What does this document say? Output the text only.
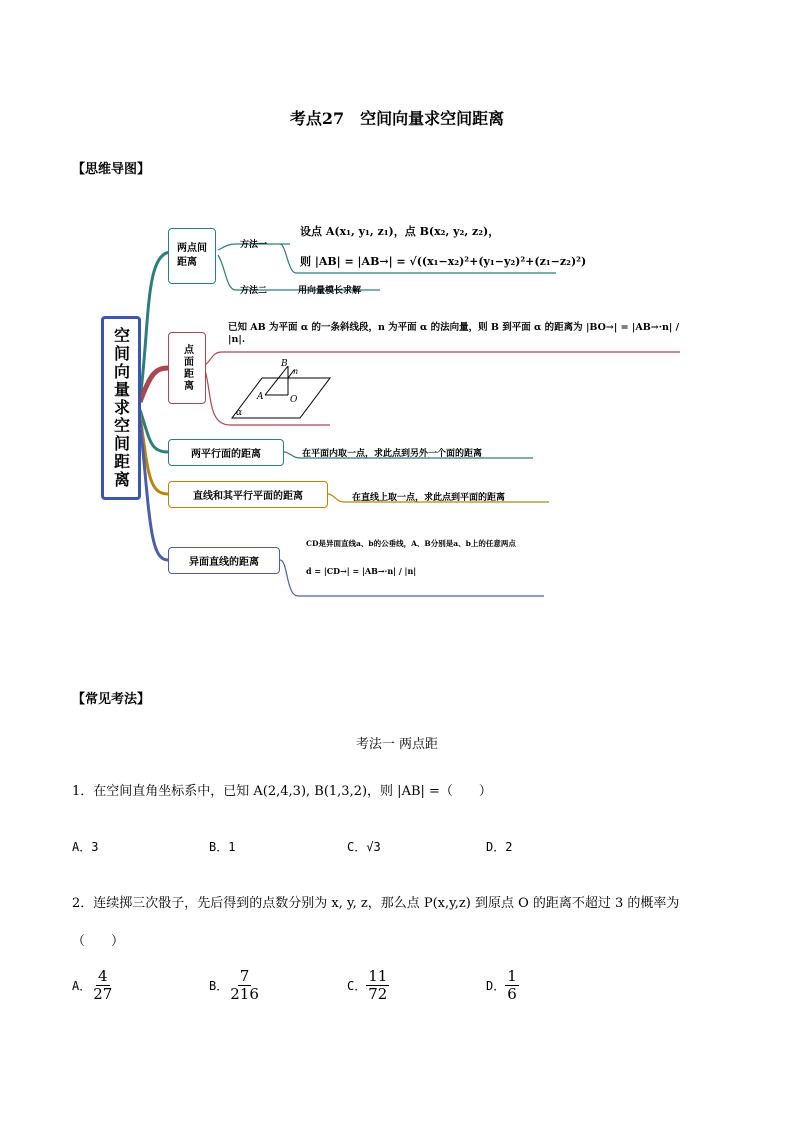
考点27　空间向量求空间距离
【思维导图】
B
n
A	O
α
空间向量求空间距离
两点间距离
点面距离
两平行面的距离
直线和其平行平面的距离
异面直线的距离
方法一
方法二
设点 A(x₁, y₁, z₁)，点 B(x₂, y₂, z₂)，
则 |AB| = |AB→| = √((x₁−x₂)²+(y₁−y₂)²+(z₁−z₂)²)
用向量模长求解
已知 AB 为平面 α 的一条斜线段，n 为平面 α 的法向量，则 B 到平面 α 的距离为 |BO→| = |AB→·n| / |n|.
在平面内取一点，求此点到另外一个面的距离
在直线上取一点，求此点到平面的距离
CD是异面直线a、b的公垂线，A、B分别是a、b上的任意两点
d = |CD→| = |AB→·n| / |n|
【常见考法】
考法一 两点距
1．在空间直角坐标系中，已知 A(2,4,3), B(1,3,2)，则 |AB| =（　　）
A．3	B．1	C．√3	D．2
2．连续掷三次骰子，先后得到的点数分别为 x, y, z，那么点 P(x,y,z) 到原点 O 的距离不超过 3 的概率为
（　　）
A． $\frac{4}{27}$	B． $\frac{7}{216}$	C． $\frac{11}{72}$	D． $\frac{1}{6}$
